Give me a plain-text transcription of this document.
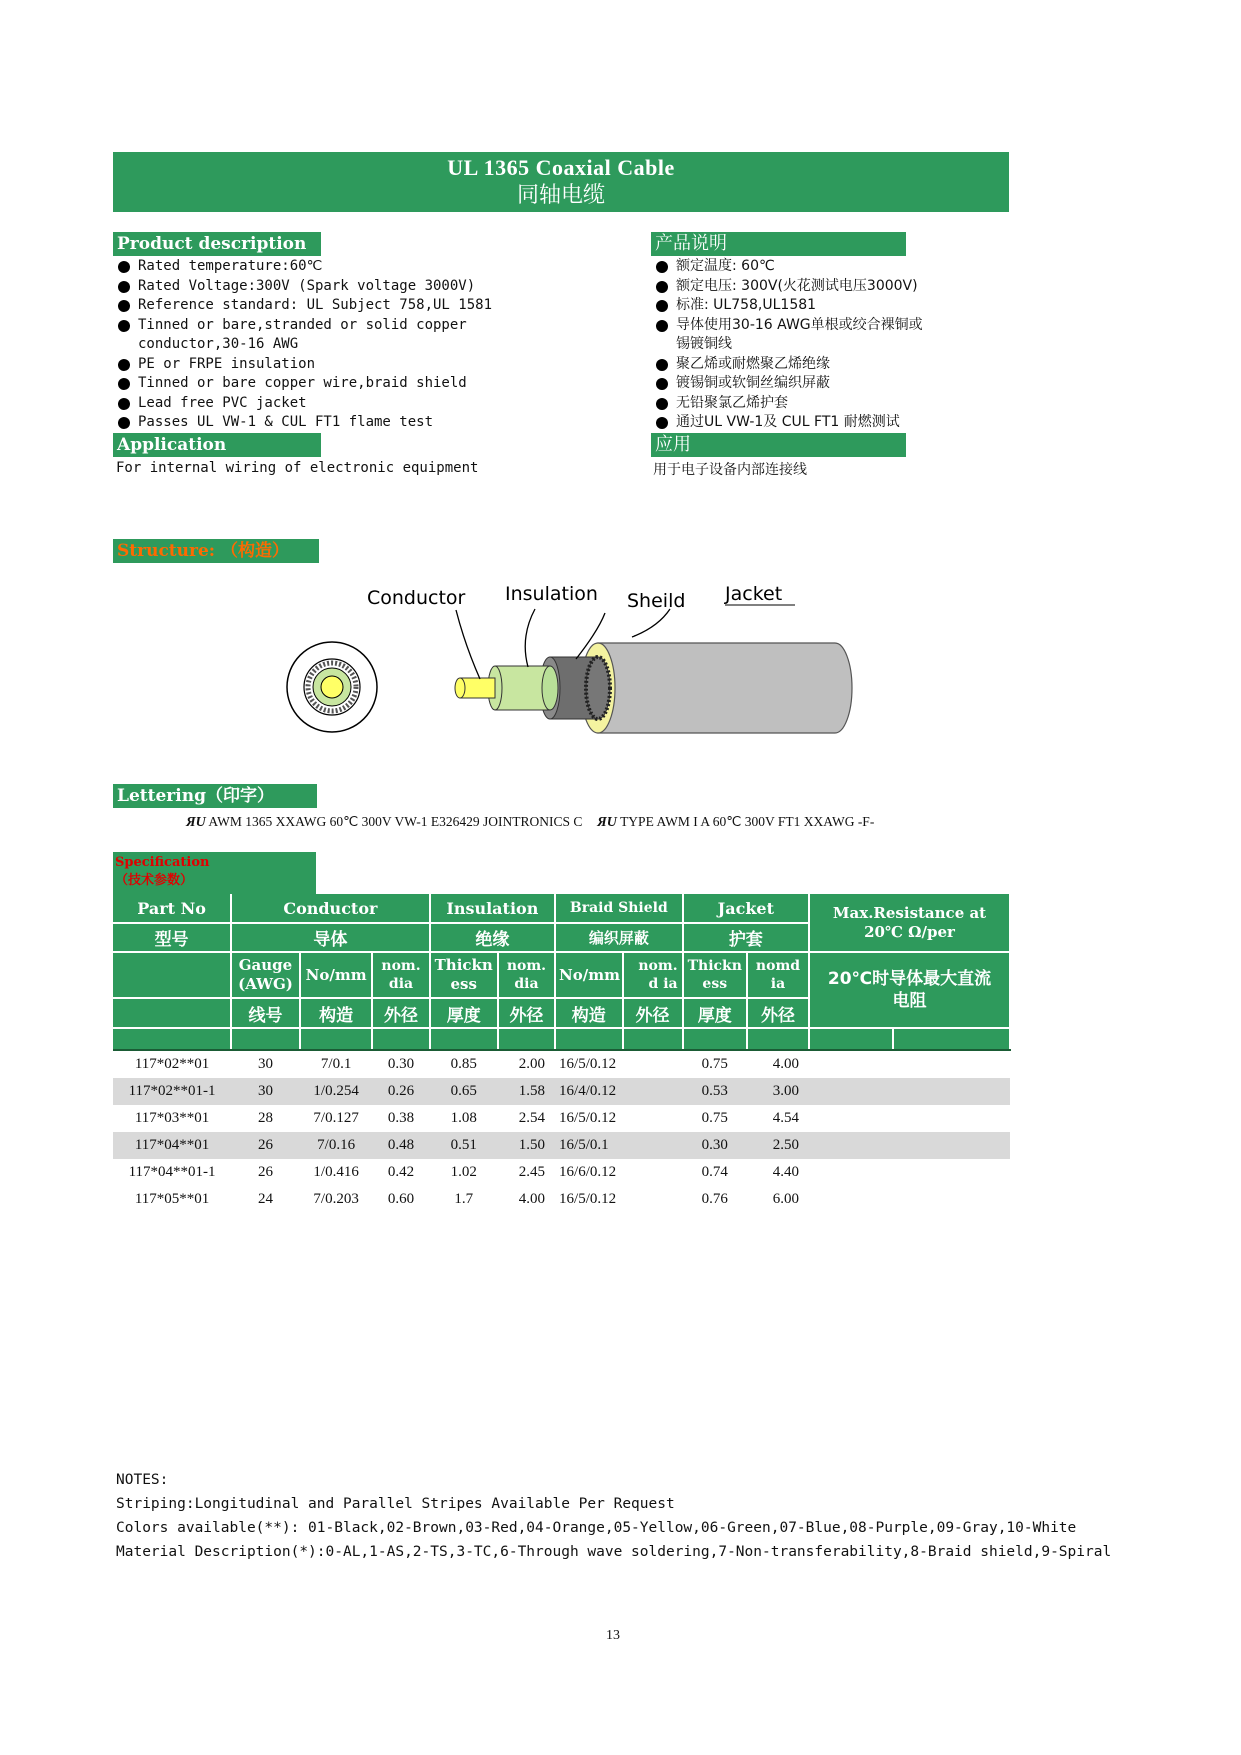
UL 1365 Coaxial Cable
同轴电缆
Product description
Rated temperature:60℃
Rated Voltage:300V (Spark voltage 3000V)
Reference standard: UL Subject 758,UL 1581
Tinned or bare,stranded or solid copper conductor,30-16 AWG
PE or FRPE insulation
Tinned or bare copper wire,braid shield
Lead free PVC jacket
Passes UL VW-1 & CUL FT1 flame test
产品说明
额定温度: 60℃
额定电压: 300V(火花测试电压3000V)
标准: UL758,UL1581
导体使用30-16 AWG单根或绞合裸铜或锡镀铜线
聚乙烯或耐燃聚乙烯绝缘
镀锡铜或软铜丝编织屏蔽
无铅聚氯乙烯护套
通过UL VW-1及 CUL FT1 耐燃测试
Application
For internal wiring of electronic equipment
应用
用于电子设备内部连接线
Structure: （构造）
Conductor Insulation Sheild Jacket
Lettering（印字）
ЯU AWM 1365 XXAWG 60℃ 300V VW-1 E326429 JOINTRONICS C ЯU TYPE AWM I A 60℃ 300V FT1 XXAWG -F-
Specification
（技术参数）
Part No	Conductor			Insulation		Braid Shield		Jacket		Max.Resistance at 20℃ Ω/per	
型号	导体			绝缘		编织屏蔽		护套			
	Gauge (AWG)	No/mm	nom. dia	Thickn ess	nom. dia	No/mm	nom. d ia	Thickn ess	nomd ia	20℃时导体最大直流电阻	
	线号	构造	外径	厚度	外径	构造	外径	厚度	外径		

117*02**01	30	7/0.1	0.30	0.85	2.00	16/5/0.12		0.75	4.00		
117*02**01-1	30	1/0.254	0.26	0.65	1.58	16/4/0.12		0.53	3.00		
117*03**01	28	7/0.127	0.38	1.08	2.54	16/5/0.12		0.75	4.54		
117*04**01	26	7/0.16	0.48	0.51	1.50	16/5/0.1		0.30	2.50		
117*04**01-1	26	1/0.416	0.42	1.02	2.45	16/6/0.12		0.74	4.40		
117*05**01	24	7/0.203	0.60	1.7	4.00	16/5/0.12		0.76	6.00		
NOTES:
Striping:Longitudinal and Parallel Stripes Available Per Request
Colors available(**): 01-Black,02-Brown,03-Red,04-Orange,05-Yellow,06-Green,07-Blue,08-Purple,09-Gray,10-White
Material Description(*):0-AL,1-AS,2-TS,3-TC,6-Through wave soldering,7-Non-transferability,8-Braid shield,9-Spiral
13
